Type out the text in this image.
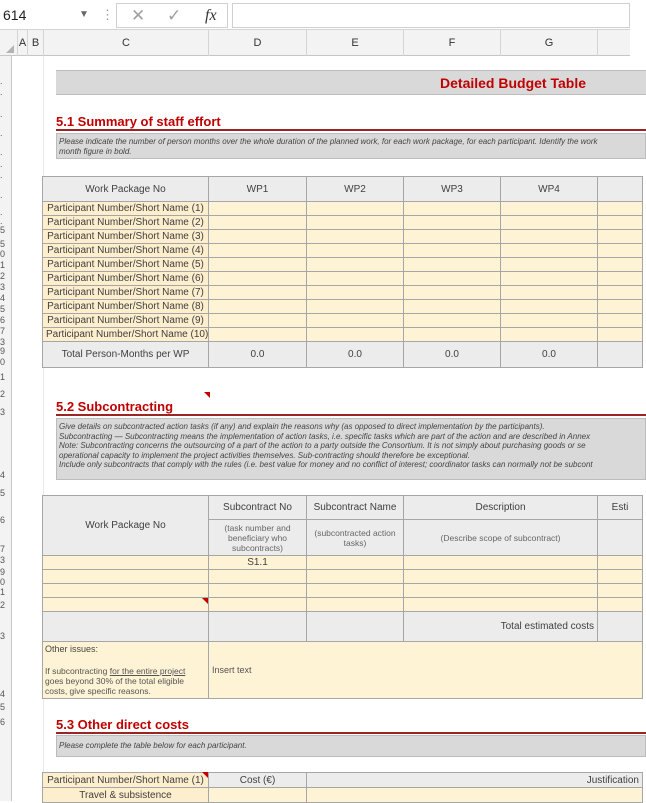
614	▼ ⋮ ✕ ✓ fx
A B	C	D	E	F	G
.
.
.
.
.
.
.
.
.
.
5
5
0
1
2
3
4
5
6
7
3
9
0
1
2
3
4
5
6
7
3
9
0
1
2
3
4
5
6
Detailed Budget Table
5.1 Summary of staff effort
Please indicate the number of person months over the whole duration of the planned work, for each work package, for each participant. Identify the work
month figure in bold.
Work Package No	WP1	WP2	WP3	WP4	
Participant Number/Short Name (1)					
Participant Number/Short Name (2)					
Participant Number/Short Name (3)					
Participant Number/Short Name (4)					
Participant Number/Short Name (5)					
Participant Number/Short Name (6)					
Participant Number/Short Name (7)					
Participant Number/Short Name (8)					
Participant Number/Short Name (9)					
Participant Number/Short Name (10)					
Total Person-Months per WP	0.0	0.0	0.0	0.0	
5.2 Subcontracting
Give details on subcontracted action tasks (if any) and explain the reasons why (as opposed to direct implementation by the participants).
Subcontracting — Subcontracting means the implementation of action tasks, i.e. specific tasks which are part of the action and are described in Annex
Note: Subcontracting concerns the outsourcing of a part of the action to a party outside the Consortium. It is not simply about purchasing goods or se
operational capacity to implement the project activities themselves. Sub-contracting should therefore be exceptional.
Include only subcontracts that comply with the rules (i.e. best value for money and no conflict of interest; coordinator tasks can normally not be subcont
Work Package No	Subcontract No	Subcontract Name	Description	Esti
	(task number and beneficiary who subcontracts)	(subcontracted action tasks)	(Describe scope of subcontract)	
	S1.1			

			Total estimated costs	

Other issues:
If subcontracting for the entire project goes beyond 30% of the total eligible costs, give specific reasons.	Insert text			
5.3 Other direct costs
Please complete the table below for each participant.
Participant Number/Short Name (1)	Cost (€)	Justification
Travel & subsistence		
